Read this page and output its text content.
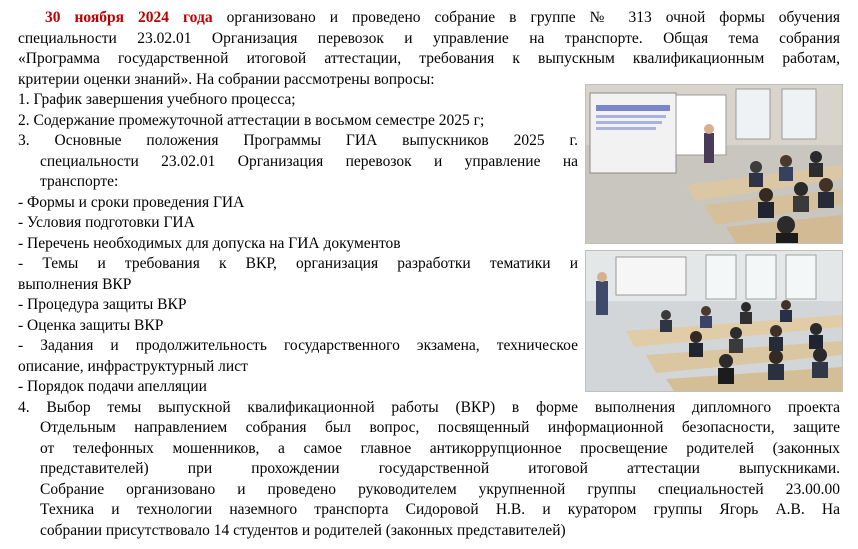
30 ноября 2024 года организовано и проведено собрание в группе № 313 очной формы обучения
специальности 23.02.01 Организация перевозок и управление на транспорте. Общая тема собрания
«Программа государственной итоговой аттестации, требования к выпускным квалификационным работам,
критерии оценки знаний». На собрании рассмотрены вопросы:
1. График завершения учебного процесса;
2. Содержание промежуточной аттестации в восьмом семестре 2025 г;
3. Основные положения Программы ГИА выпускников 2025 г.
специальности 23.02.01 Организация перевозок и управление на
транспорте:
- Формы и сроки проведения ГИА
- Условия подготовки ГИА
- Перечень необходимых для допуска на ГИА документов
- Темы и требования к ВКР, организация разработки тематики и
выполнения ВКР
- Процедура защиты ВКР
- Оценка защиты ВКР
- Задания и продолжительность государственного экзамена, техническое
описание, инфраструктурный лист
- Порядок подачи апелляции
4. Выбор темы выпускной квалификационной работы (ВКР) в форме выполнения дипломного проекта
Отдельным направлением собрания был вопрос, посвященный информационной безопасности, защите
от телефонных мошенников, а самое главное антикоррупционное просвещение родителей (законных
представителей) при прохождении государственной итоговой аттестации выпускниками.
Собрание организовано и проведено руководителем укрупненной группы специальностей 23.00.00
Техника и технологии наземного транспорта Сидоровой Н.В. и куратором группы Ягорь А.В. На
собрании присутствовало 14 студентов и родителей (законных представителей)
